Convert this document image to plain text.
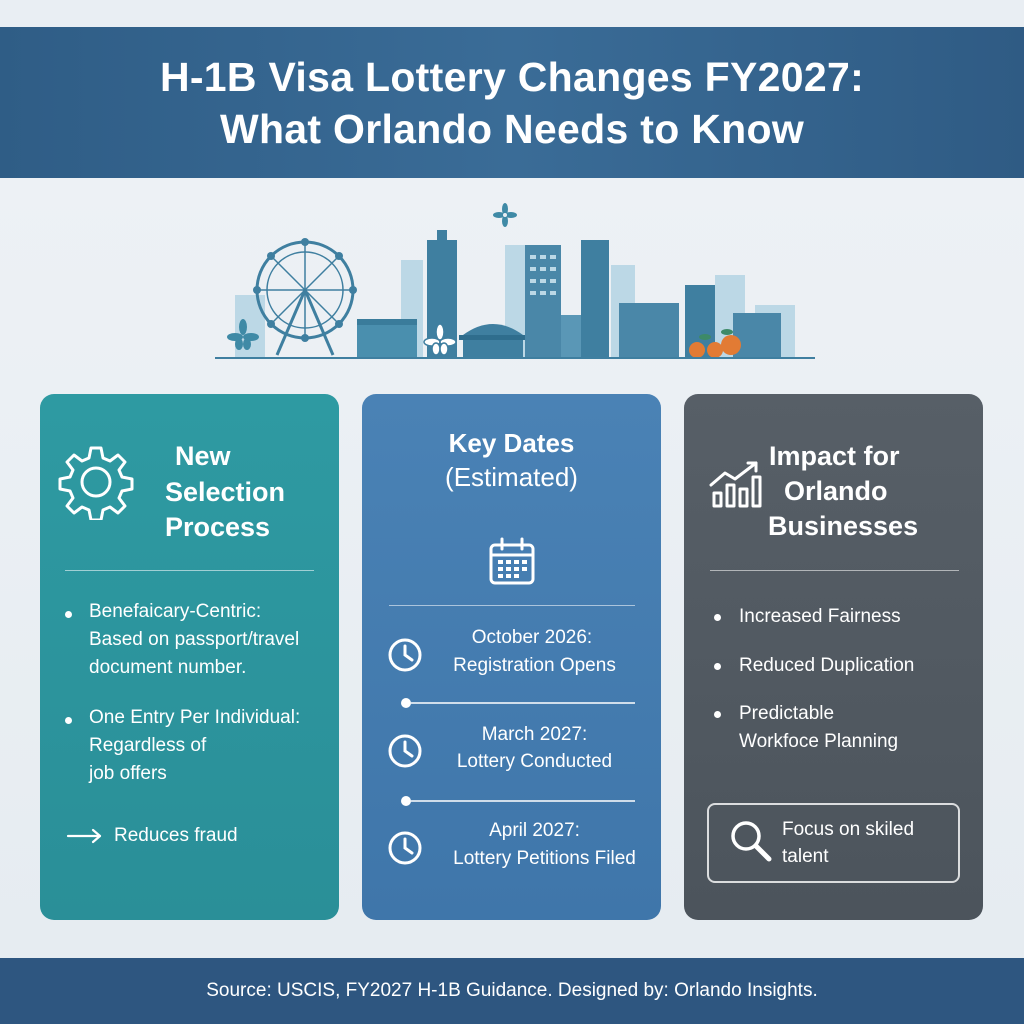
H-1B Visa Lottery Changes FY2027:
What Orlando Needs to Know
New
Selection
Process
Benefaicary-Centric:
Based on passport/travel
document number.
One Entry Per Individual:
Regardless of
job offers
Reduces fraud
Key Dates
(Estimated)
October 2026:
Registration Opens
March 2027:
Lottery Conducted
April 2027:
Lottery Petitions Filed
Impact for
Orlando
Businesses
Increased Fairness
Reduced Duplication
Predictable
Workfoce Planning
Focus on skiled
talent
Source: USCIS, FY2027 H-1B Guidance. Designed by: Orlando Insights.
